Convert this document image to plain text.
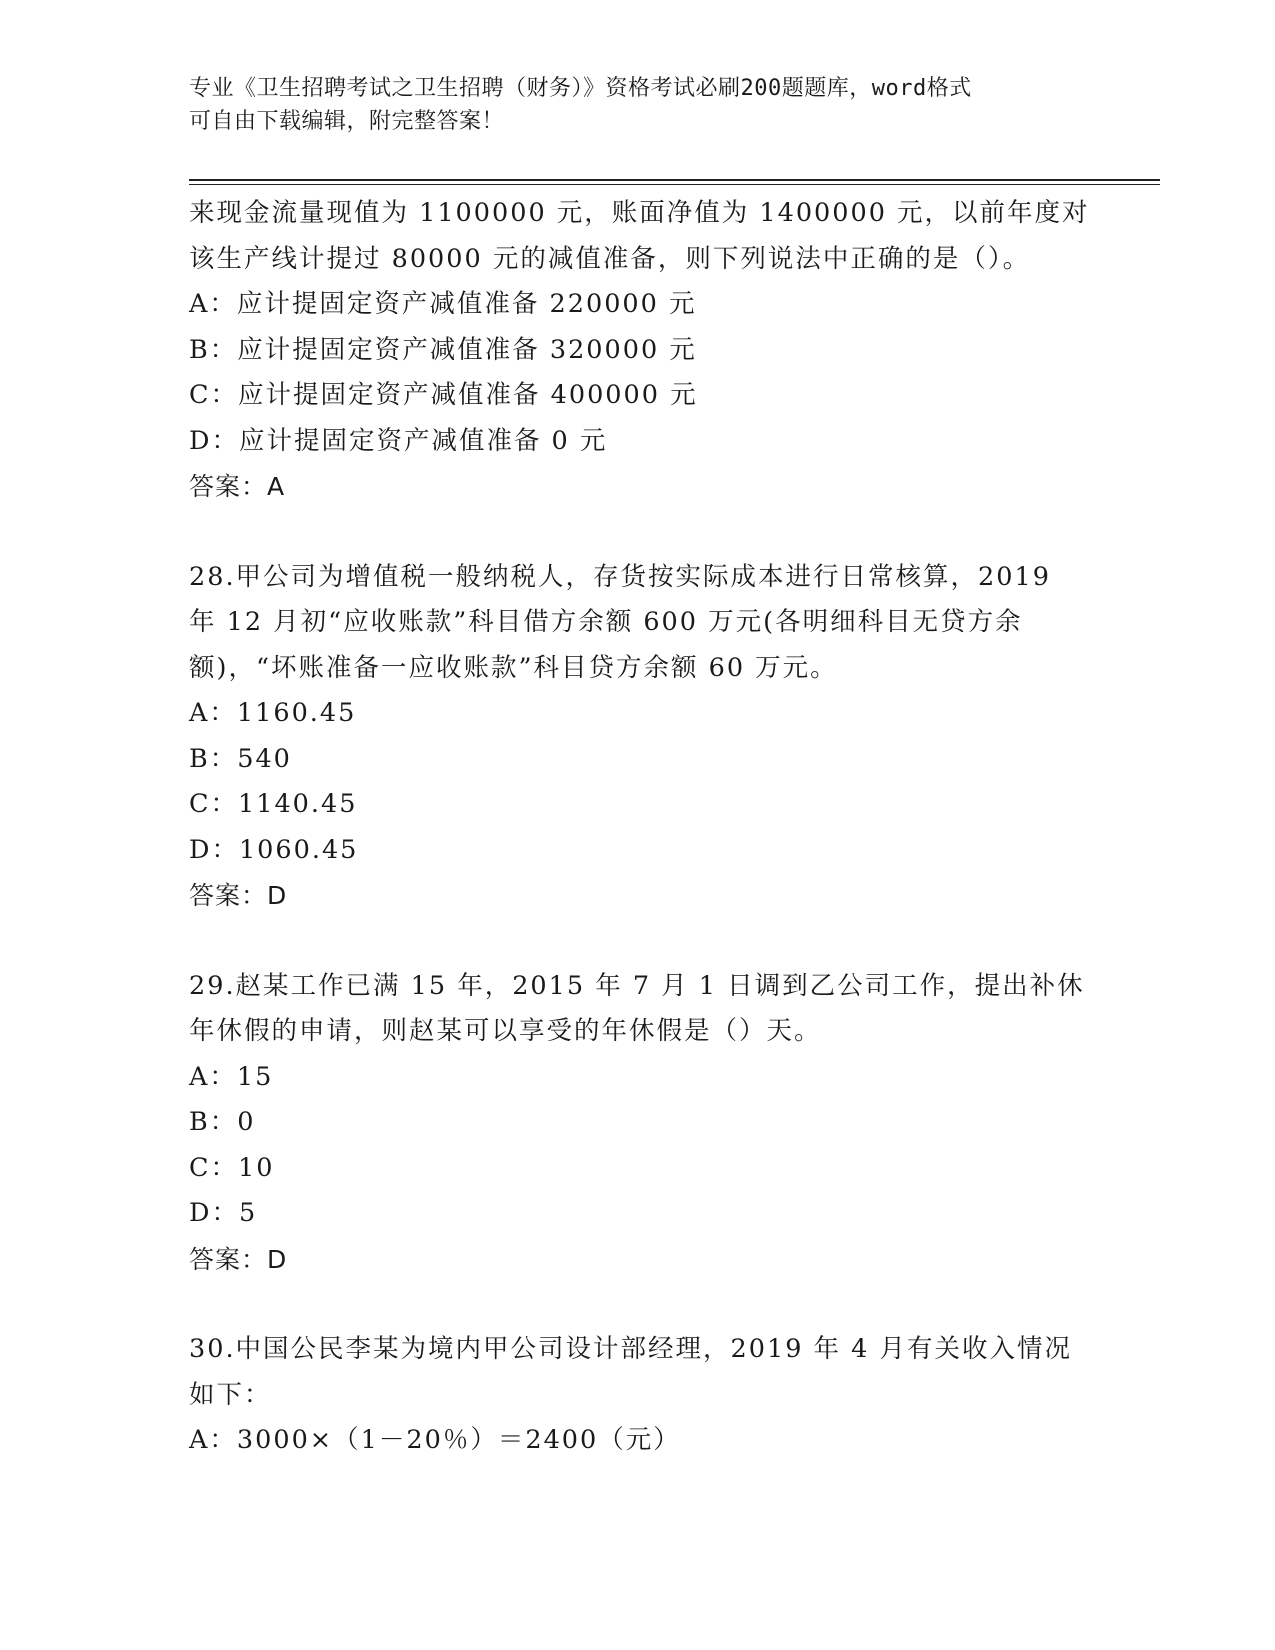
专业《卫生招聘考试之卫生招聘（财务）》资格考试必刷200题题库，word格式
可自由下载编辑，附完整答案！
来现金流量现值为 1100000 元，账面净值为 1400000 元，以前年度对
该生产线计提过 80000 元的减值准备，则下列说法中正确的是（）。
A：应计提固定资产减值准备 220000 元
B：应计提固定资产减值准备 320000 元
C：应计提固定资产减值准备 400000 元
D：应计提固定资产减值准备 0 元
答案：A
28.甲公司为增值税一般纳税人，存货按实际成本进行日常核算，2019
年 12 月初“应收账款”科目借方余额 600 万元(各明细科目无贷方余
额)，“坏账准备一应收账款”科目贷方余额 60 万元。
A：1160.45
B：540
C：1140.45
D：1060.45
答案：D
29.赵某工作已满 15 年，2015 年 7 月 1 日调到乙公司工作，提出补休
年休假的申请，则赵某可以享受的年休假是（）天。
A：15
B：0
C：10
D：5
答案：D
30.中国公民李某为境内甲公司设计部经理，2019 年 4 月有关收入情况
如下：
A：3000×（1－20％）＝2400（元）
